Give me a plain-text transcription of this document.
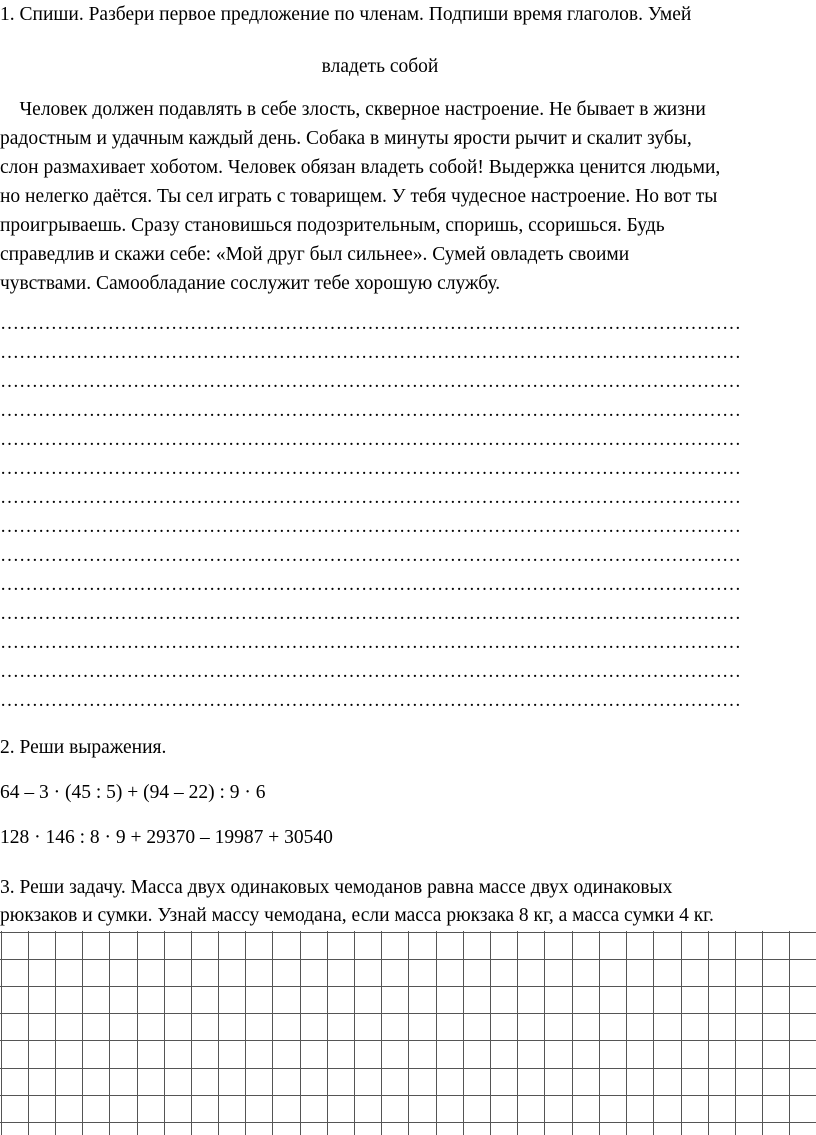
1. Спиши. Разбери первое предложение по членам. Подпиши время глаголов. Умей
владеть собой
Человек должен подавлять в себе злость, скверное настроение. Не бывает в жизни
радостным и удачным каждый день. Собака в минуты ярости рычит и скалит зубы,
слон размахивает хоботом. Человек обязан владеть собой! Выдержка ценится людьми,
но нелегко даётся. Ты сел играть с товарищем. У тебя чудесное настроение. Но вот ты
проигрываешь. Сразу становишься подозрительным, споришь, ссоришься. Будь
справедлив и скажи себе: «Мой друг был сильнее». Сумей овладеть своими
чувствами. Самообладание сослужит тебе хорошую службу.
………………………………………………………………………………………………………
………………………………………………………………………………………………………
………………………………………………………………………………………………………
………………………………………………………………………………………………………
………………………………………………………………………………………………………
………………………………………………………………………………………………………
………………………………………………………………………………………………………
………………………………………………………………………………………………………
………………………………………………………………………………………………………
………………………………………………………………………………………………………
………………………………………………………………………………………………………
………………………………………………………………………………………………………
………………………………………………………………………………………………………
………………………………………………………………………………………………………
2. Реши выражения.
64 – 3 · (45 : 5) + (94 – 22) : 9 · 6
128 · 146 : 8 · 9 + 29370 – 19987 + 30540
3. Реши задачу. Масса двух одинаковых чемоданов равна массе двух одинаковых
рюкзаков и сумки. Узнай массу чемодана, если масса рюкзака 8 кг, а масса сумки 4 кг.
